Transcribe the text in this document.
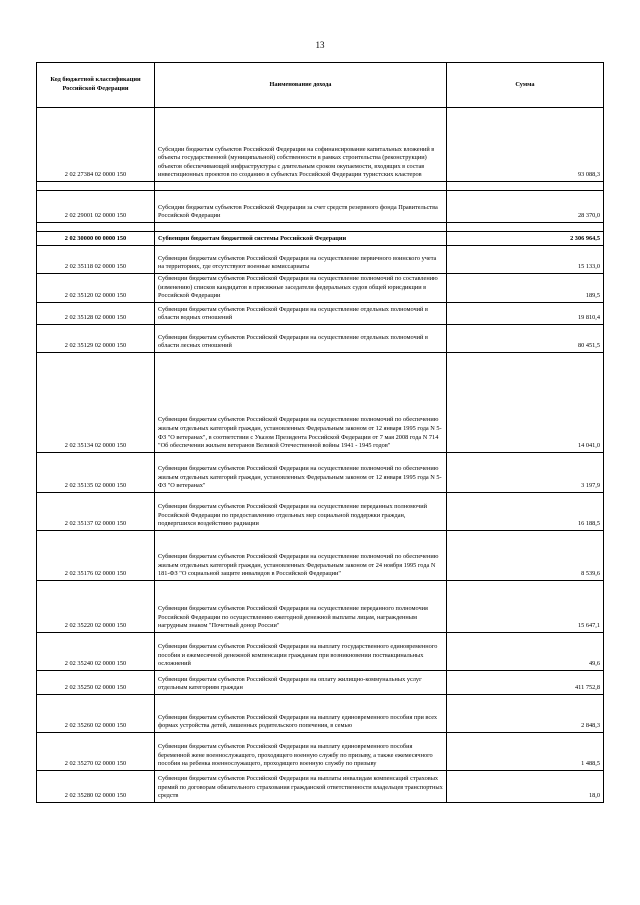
13
Код бюджетной классификации Российской Федерации	Наименование дохода	Сумма
2 02 27384 02 0000 150	Субсидии бюджетам субъектов Российской Федерации на софинансирование капитальных вложений в объекты государственной (муниципальной) собственности в рамках строительства (реконструкции) объектов обеспечивающей инфраструктуры с длительным сроком окупаемости, входящих в состав инвестиционных проектов по созданию в субъектах Российской Федерации туристских кластеров	93 088,3

2 02 29001 02 0000 150	Субсидии бюджетам субъектов Российской Федерации за счет средств резервного фонда Правительства Российской Федерации	28 370,0

2 02 30000 00 0000 150	Субвенции бюджетам бюджетной системы Российской Федерации	2 306 964,5
2 02 35118 02 0000 150	Субвенции бюджетам субъектов Российской Федерации на осуществление первичного воинского учета на территориях, где отсутствуют военные комиссариаты	15 133,0
2 02 35120 02 0000 150	Субвенции бюджетам субъектов Российской Федерации на осуществление полномочий по составлению (изменению) списков кандидатов в присяжные заседатели федеральных судов общей юрисдикции в Российской Федерации	189,5
2 02 35128 02 0000 150	Субвенции бюджетам субъектов Российской Федерации на осуществление отдельных полномочий в области водных отношений	19 810,4
2 02 35129 02 0000 150	Субвенции бюджетам субъектов Российской Федерации на осуществление отдельных полномочий в области лесных отношений	80 451,5
2 02 35134 02 0000 150	Субвенции бюджетам субъектов Российской Федерации на осуществление полномочий по обеспечению жильем отдельных категорий граждан, установленных Федеральным законом от 12 января 1995 года N 5-ФЗ "О ветеранах", в соответствии с Указом Президента Российской Федерации от 7 мая 2008 года N 714 "Об обеспечении жильем ветеранов Великой Отечественной войны 1941 - 1945 годов"	14 041,0
2 02 35135 02 0000 150	Субвенции бюджетам субъектов Российской Федерации на осуществление полномочий по обеспечению жильем отдельных категорий граждан, установленных Федеральным законом от 12 января 1995 года N 5-ФЗ "О ветеранах"	3 197,9
2 02 35137 02 0000 150	Субвенции бюджетам субъектов Российской Федерации на осуществление переданных полномочий Российской Федерации по предоставлению отдельных мер социальной поддержки граждан, подвергшихся воздействию радиации	16 188,5
2 02 35176 02 0000 150	Субвенции бюджетам субъектов Российской Федерации на осуществление полномочий по обеспечению жильем отдельных категорий граждан, установленных Федеральным законом от 24 ноября 1995 года N 181-ФЗ "О социальной защите инвалидов в Российской Федерации"	8 539,6
2 02 35220 02 0000 150	Субвенции бюджетам субъектов Российской Федерации на осуществление переданного полномочия Российской Федерации по осуществлению ежегодной денежной выплаты лицам, награжденным нагрудным знаком "Почетный донор России"	15 647,1
2 02 35240 02 0000 150	Субвенции бюджетам субъектов Российской Федерации на выплату государственного единовременного пособия и ежемесячной денежной компенсации гражданам при возникновении поствакцинальных осложнений	49,6
2 02 35250 02 0000 150	Субвенции бюджетам субъектов Российской Федерации на оплату жилищно-коммунальных услуг отдельным категориям граждан	411 752,8
2 02 35260 02 0000 150	Субвенции бюджетам субъектов Российской Федерации на выплату единовременного пособия при всех формах устройства детей, лишенных родительского попечения, в семью	2 848,3
2 02 35270 02 0000 150	Субвенции бюджетам субъектов Российской Федерации на выплату единовременного пособия беременной жене военнослужащего, проходящего военную службу по призыву, а также ежемесячного пособия на ребенка военнослужащего, проходящего военную службу по призыву	1 488,5
2 02 35280 02 0000 150	Субвенции бюджетам субъектов Российской Федерации на выплаты инвалидам компенсаций страховых премий по договорам обязательного страхования гражданской ответственности владельцев транспортных средств	18,0
